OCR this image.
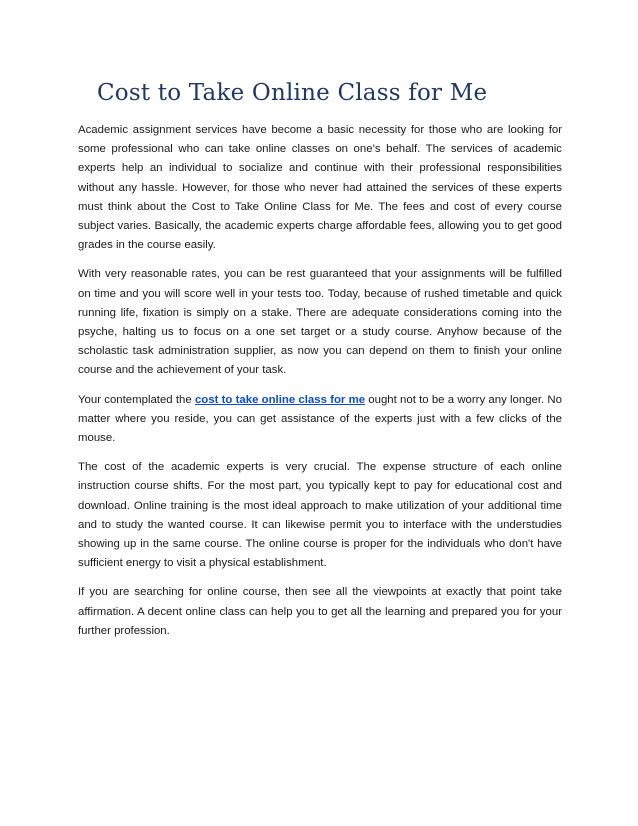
Cost to Take Online Class for Me

Academic assignment services have become a basic necessity for those who are looking for some professional who can take online classes on one’s behalf. The services of academic experts help an individual to socialize and continue with their professional responsibilities without any hassle. However, for those who never had attained the services of these experts must think about the Cost to Take Online Class for Me. The fees and cost of every course subject varies. Basically, the academic experts charge affordable fees, allowing you to get good grades in the course easily.

With very reasonable rates, you can be rest guaranteed that your assignments will be fulfilled on time and you will score well in your tests too. Today, because of rushed timetable and quick running life, fixation is simply on a stake. There are adequate considerations coming into the psyche, halting us to focus on a one set target or a study course. Anyhow because of the scholastic task administration supplier, as now you can depend on them to finish your online course and the achievement of your task.

Your contemplated the cost to take online class for me ought not to be a worry any longer. No matter where you reside, you can get assistance of the experts just with a few clicks of the mouse.

The cost of the academic experts is very crucial. The expense structure of each online instruction course shifts. For the most part, you typically kept to pay for educational cost and download. Online training is the most ideal approach to make utilization of your additional time and to study the wanted course. It can likewise permit you to interface with the understudies showing up in the same course. The online course is proper for the individuals who don't have sufficient energy to visit a physical establishment.

If you are searching for online course, then see all the viewpoints at exactly that point take affirmation. A decent online class can help you to get all the learning and prepared you for your further profession.
